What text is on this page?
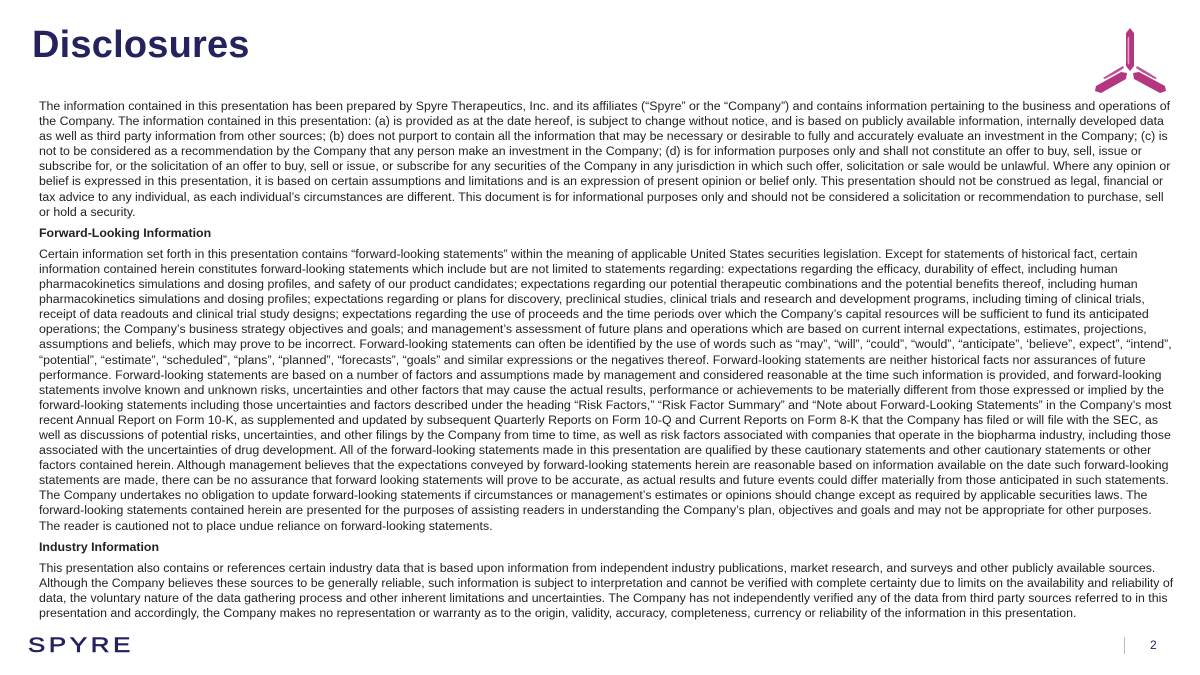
Disclosures

The information contained in this presentation has been prepared by Spyre Therapeutics, Inc. and its affiliates (“Spyre” or the “Company”) and contains information pertaining to the business and operations of the Company. The information contained in this presentation: (a) is provided as at the date hereof, is subject to change without notice, and is based on publicly available information, internally developed data as well as third party information from other sources; (b) does not purport to contain all the information that may be necessary or desirable to fully and accurately evaluate an investment in the Company; (c) is not to be considered as a recommendation by the Company that any person make an investment in the Company; (d) is for information purposes only and shall not constitute an offer to buy, sell, issue or subscribe for, or the solicitation of an offer to buy, sell or issue, or subscribe for any securities of the Company in any jurisdiction in which such offer, solicitation or sale would be unlawful. Where any opinion or belief is expressed in this presentation, it is based on certain assumptions and limitations and is an expression of present opinion or belief only. This presentation should not be construed as legal, financial or tax advice to any individual, as each individual’s circumstances are different. This document is for informational purposes only and should not be considered a solicitation or recommendation to purchase, sell or hold a security.

Forward-Looking Information

Certain information set forth in this presentation contains “forward-looking statements” within the meaning of applicable United States securities legislation. Except for statements of historical fact, certain information contained herein constitutes forward-looking statements which include but are not limited to statements regarding: expectations regarding the efficacy, durability of effect, including human pharmacokinetics simulations and dosing profiles, and safety of our product candidates; expectations regarding our potential therapeutic combinations and the potential benefits thereof, including human pharmacokinetics simulations and dosing profiles; expectations regarding or plans for discovery, preclinical studies, clinical trials and research and development programs, including timing of clinical trials, receipt of data readouts and clinical trial study designs; expectations regarding the use of proceeds and the time periods over which the Company’s capital resources will be sufficient to fund its anticipated operations; the Company’s business strategy objectives and goals; and management’s assessment of future plans and operations which are based on current internal expectations, estimates, projections, assumptions and beliefs, which may prove to be incorrect. Forward-looking statements can often be identified by the use of words such as “may”, “will”, “could”, “would”, “anticipate”, ‘believe”, expect”, “intend”, “potential”, “estimate”, “scheduled”, “plans”, “planned”, “forecasts”, “goals” and similar expressions or the negatives thereof. Forward-looking statements are neither historical facts nor assurances of future performance. Forward-looking statements are based on a number of factors and assumptions made by management and considered reasonable at the time such information is provided, and forward-looking statements involve known and unknown risks, uncertainties and other factors that may cause the actual results, performance or achievements to be materially different from those expressed or implied by the forward-looking statements including those uncertainties and factors described under the heading “Risk Factors,” “Risk Factor Summary” and “Note about Forward-Looking Statements” in the Company’s most recent Annual Report on Form 10-K, as supplemented and updated by subsequent Quarterly Reports on Form 10-Q and Current Reports on Form 8-K that the Company has filed or will file with the SEC, as well as discussions of potential risks, uncertainties, and other filings by the Company from time to time, as well as risk factors associated with companies that operate in the biopharma industry, including those associated with the uncertainties of drug development. All of the forward-looking statements made in this presentation are qualified by these cautionary statements and other cautionary statements or other factors contained herein. Although management believes that the expectations conveyed by forward-looking statements herein are reasonable based on information available on the date such forward-looking statements are made, there can be no assurance that forward looking statements will prove to be accurate, as actual results and future events could differ materially from those anticipated in such statements. The Company undertakes no obligation to update forward-looking statements if circumstances or management’s estimates or opinions should change except as required by applicable securities laws. The forward-looking statements contained herein are presented for the purposes of assisting readers in understanding the Company’s plan, objectives and goals and may not be appropriate for other purposes. The reader is cautioned not to place undue reliance on forward-looking statements.

Industry Information

This presentation also contains or references certain industry data that is based upon information from independent industry publications, market research, and surveys and other publicly available sources. Although the Company believes these sources to be generally reliable, such information is subject to interpretation and cannot be verified with complete certainty due to limits on the availability and reliability of data, the voluntary nature of the data gathering process and other inherent limitations and uncertainties. The Company has not independently verified any of the data from third party sources referred to in this presentation and accordingly, the Company makes no representation or warranty as to the origin, validity, accuracy, completeness, currency or reliability of the information in this presentation.

SPYRE	2
